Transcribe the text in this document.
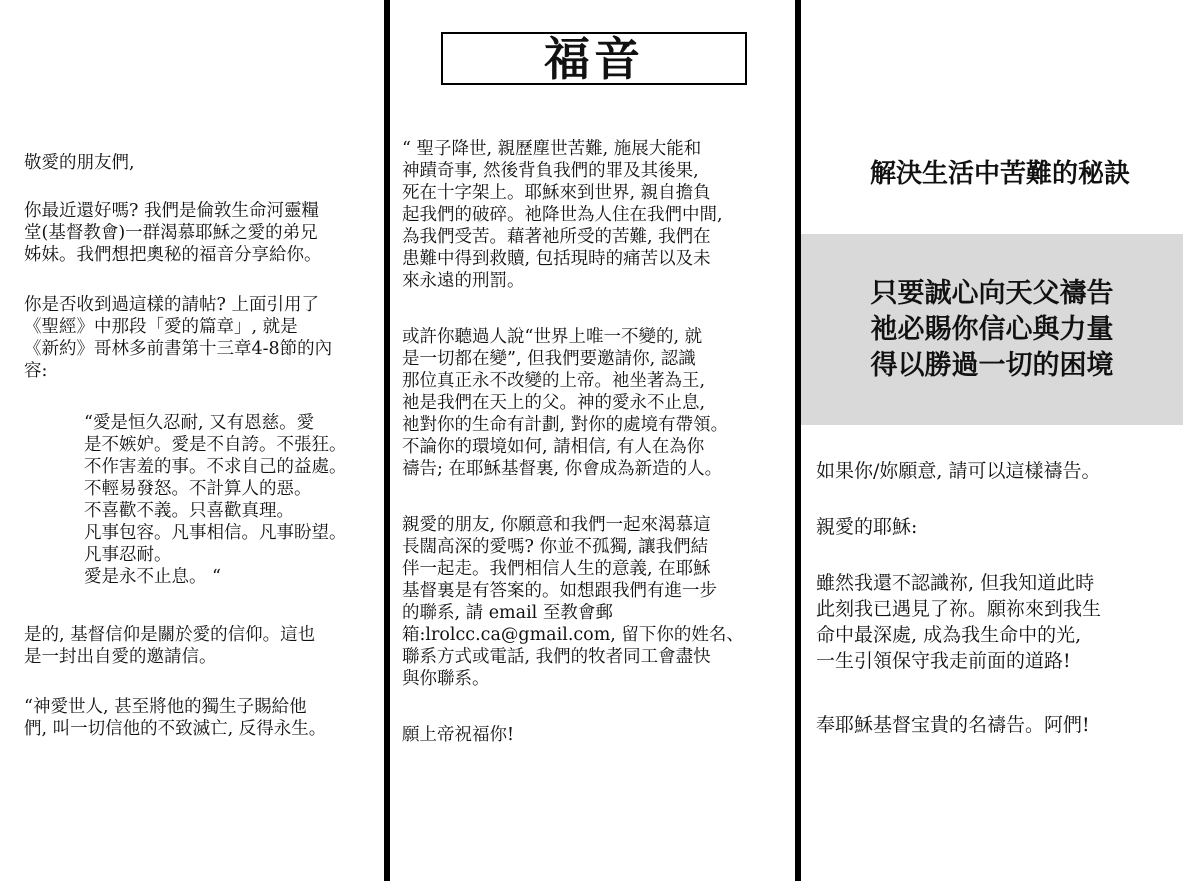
敬愛的朋友們,

你最近還好嗎? 我們是倫敦生命河靈糧
堂(基督教會)一群渴慕耶穌之愛的弟兄
姊妹。我們想把奧秘的福音分享給你。

你是否收到過這樣的請帖? 上面引用了
《聖經》中那段「愛的篇章」, 就是
《新約》哥林多前書第十三章4-8節的內
容:

“愛是恒久忍耐, 又有恩慈。愛
是不嫉妒。愛是不自誇。不張狂。
不作害羞的事。不求自己的益處。
不輕易發怒。不計算人的惡。
不喜歡不義。只喜歡真理。
凡事包容。凡事相信。凡事盼望。
凡事忍耐。
愛是永不止息。 “

是的, 基督信仰是關於愛的信仰。這也
是一封出自愛的邀請信。

“神愛世人, 甚至將他的獨生子賜給他
們, 叫一切信他的不致滅亡, 反得永生。

福音

“ 聖子降世, 親歷塵世苦難, 施展大能和
神蹟奇事, 然後背負我們的罪及其後果,
死在十字架上。耶穌來到世界, 親自擔負
起我們的破碎。祂降世為人住在我們中間,
為我們受苦。藉著祂所受的苦難, 我們在
患難中得到救贖, 包括現時的痛苦以及未
來永遠的刑罰。

或許你聽過人說“世界上唯一不變的, 就
是一切都在變”, 但我們要邀請你, 認識
那位真正永不改變的上帝。祂坐著為王,
祂是我們在天上的父。神的愛永不止息,
祂對你的生命有計劃, 對你的處境有帶領。
不論你的環境如何, 請相信, 有人在為你
禱告; 在耶穌基督裏, 你會成為新造的人。

親愛的朋友, 你願意和我們一起來渴慕這
長闊高深的愛嗎? 你並不孤獨, 讓我們結
伴一起走。我們相信人生的意義, 在耶穌
基督裏是有答案的。如想跟我們有進一步
的聯系, 請 email 至教會郵
箱:lrolcc.ca@gmail.com, 留下你的姓名、
聯系方式或電話, 我們的牧者同工會盡快
與你聯系。

願上帝祝福你!

解決生活中苦難的秘訣

只要誠心向天父禱告
祂必賜你信心與力量
得以勝過一切的困境

如果你/妳願意, 請可以這樣禱告。

親愛的耶穌:

雖然我還不認識祢, 但我知道此時
此刻我已遇見了祢。願祢來到我生
命中最深處, 成為我生命中的光,
一生引領保守我走前面的道路!

奉耶穌基督宝貴的名禱告。阿們!
